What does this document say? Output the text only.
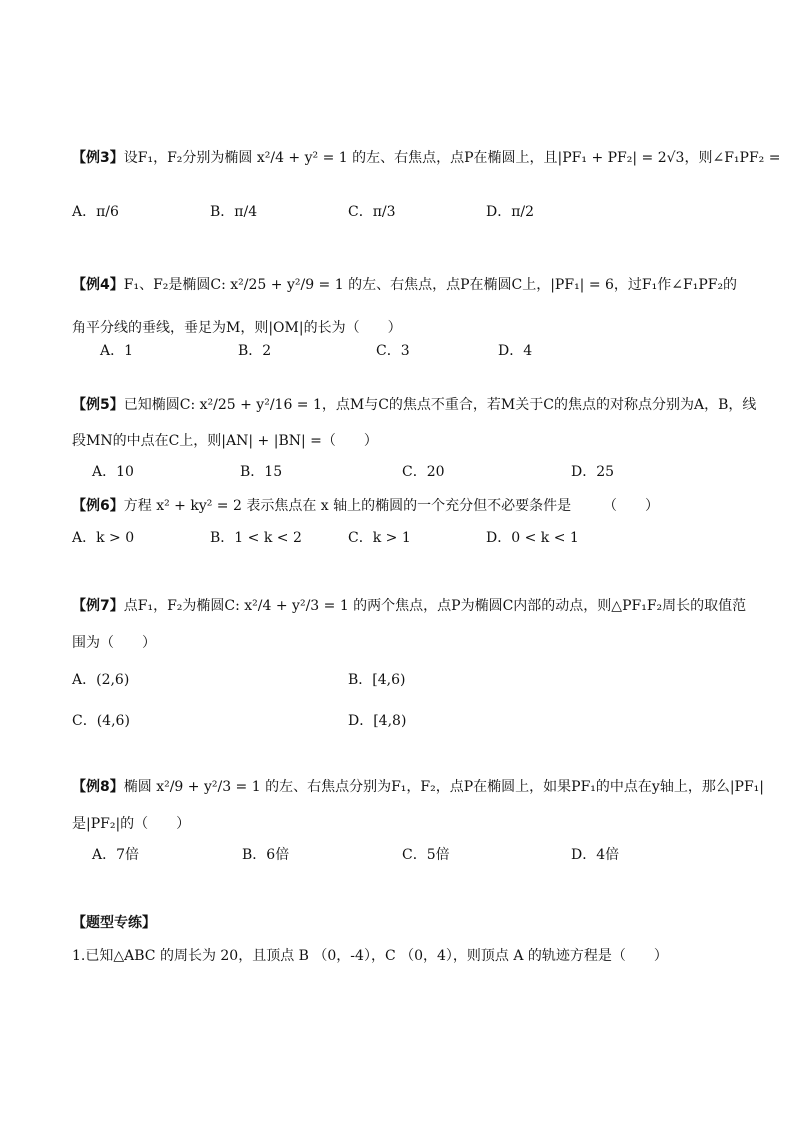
【例3】设F₁，F₂分别为椭圆 x²/4 + y² = 1 的左、右焦点，点P在椭圆上，且|PF₁ + PF₂| = 2√3，则∠F₁PF₂ =
A．π/6	B．π/4	C．π/3	D．π/2
【例4】F₁、F₂是椭圆C: x²/25 + y²/9 = 1 的左、右焦点，点P在椭圆C上，|PF₁| = 6，过F₁作∠F₁PF₂的
角平分线的垂线，垂足为M，则|OM|的长为（　　）
A．1	B．2	C．3	D．4
【例5】已知椭圆C: x²/25 + y²/16 = 1，点M与C的焦点不重合，若M关于C的焦点的对称点分别为A，B，线
段MN的中点在C上，则|AN| + |BN| =（　　）
A．10	B．15	C．20	D．25
【例6】方程 x² + ky² = 2 表示焦点在 x 轴上的椭圆的一个充分但不必要条件是 （　　）
A．k > 0	B．1 < k < 2	C．k > 1	D．0 < k < 1
【例7】点F₁，F₂为椭圆C: x²/4 + y²/3 = 1 的两个焦点，点P为椭圆C内部的动点，则△PF₁F₂周长的取值范
围为（　　）
A．(2,6)	B．[4,6)
C．(4,6)	D．[4,8)
【例8】椭圆 x²/9 + y²/3 = 1 的左、右焦点分别为F₁，F₂，点P在椭圆上，如果PF₁的中点在y轴上，那么|PF₁|
是|PF₂|的（　　）
A．7倍	B．6倍	C．5倍	D．4倍
【题型专练】
1.已知△ABC 的周长为 20，且顶点 B （0，-4），C （0，4），则顶点 A 的轨迹方程是（　　）
